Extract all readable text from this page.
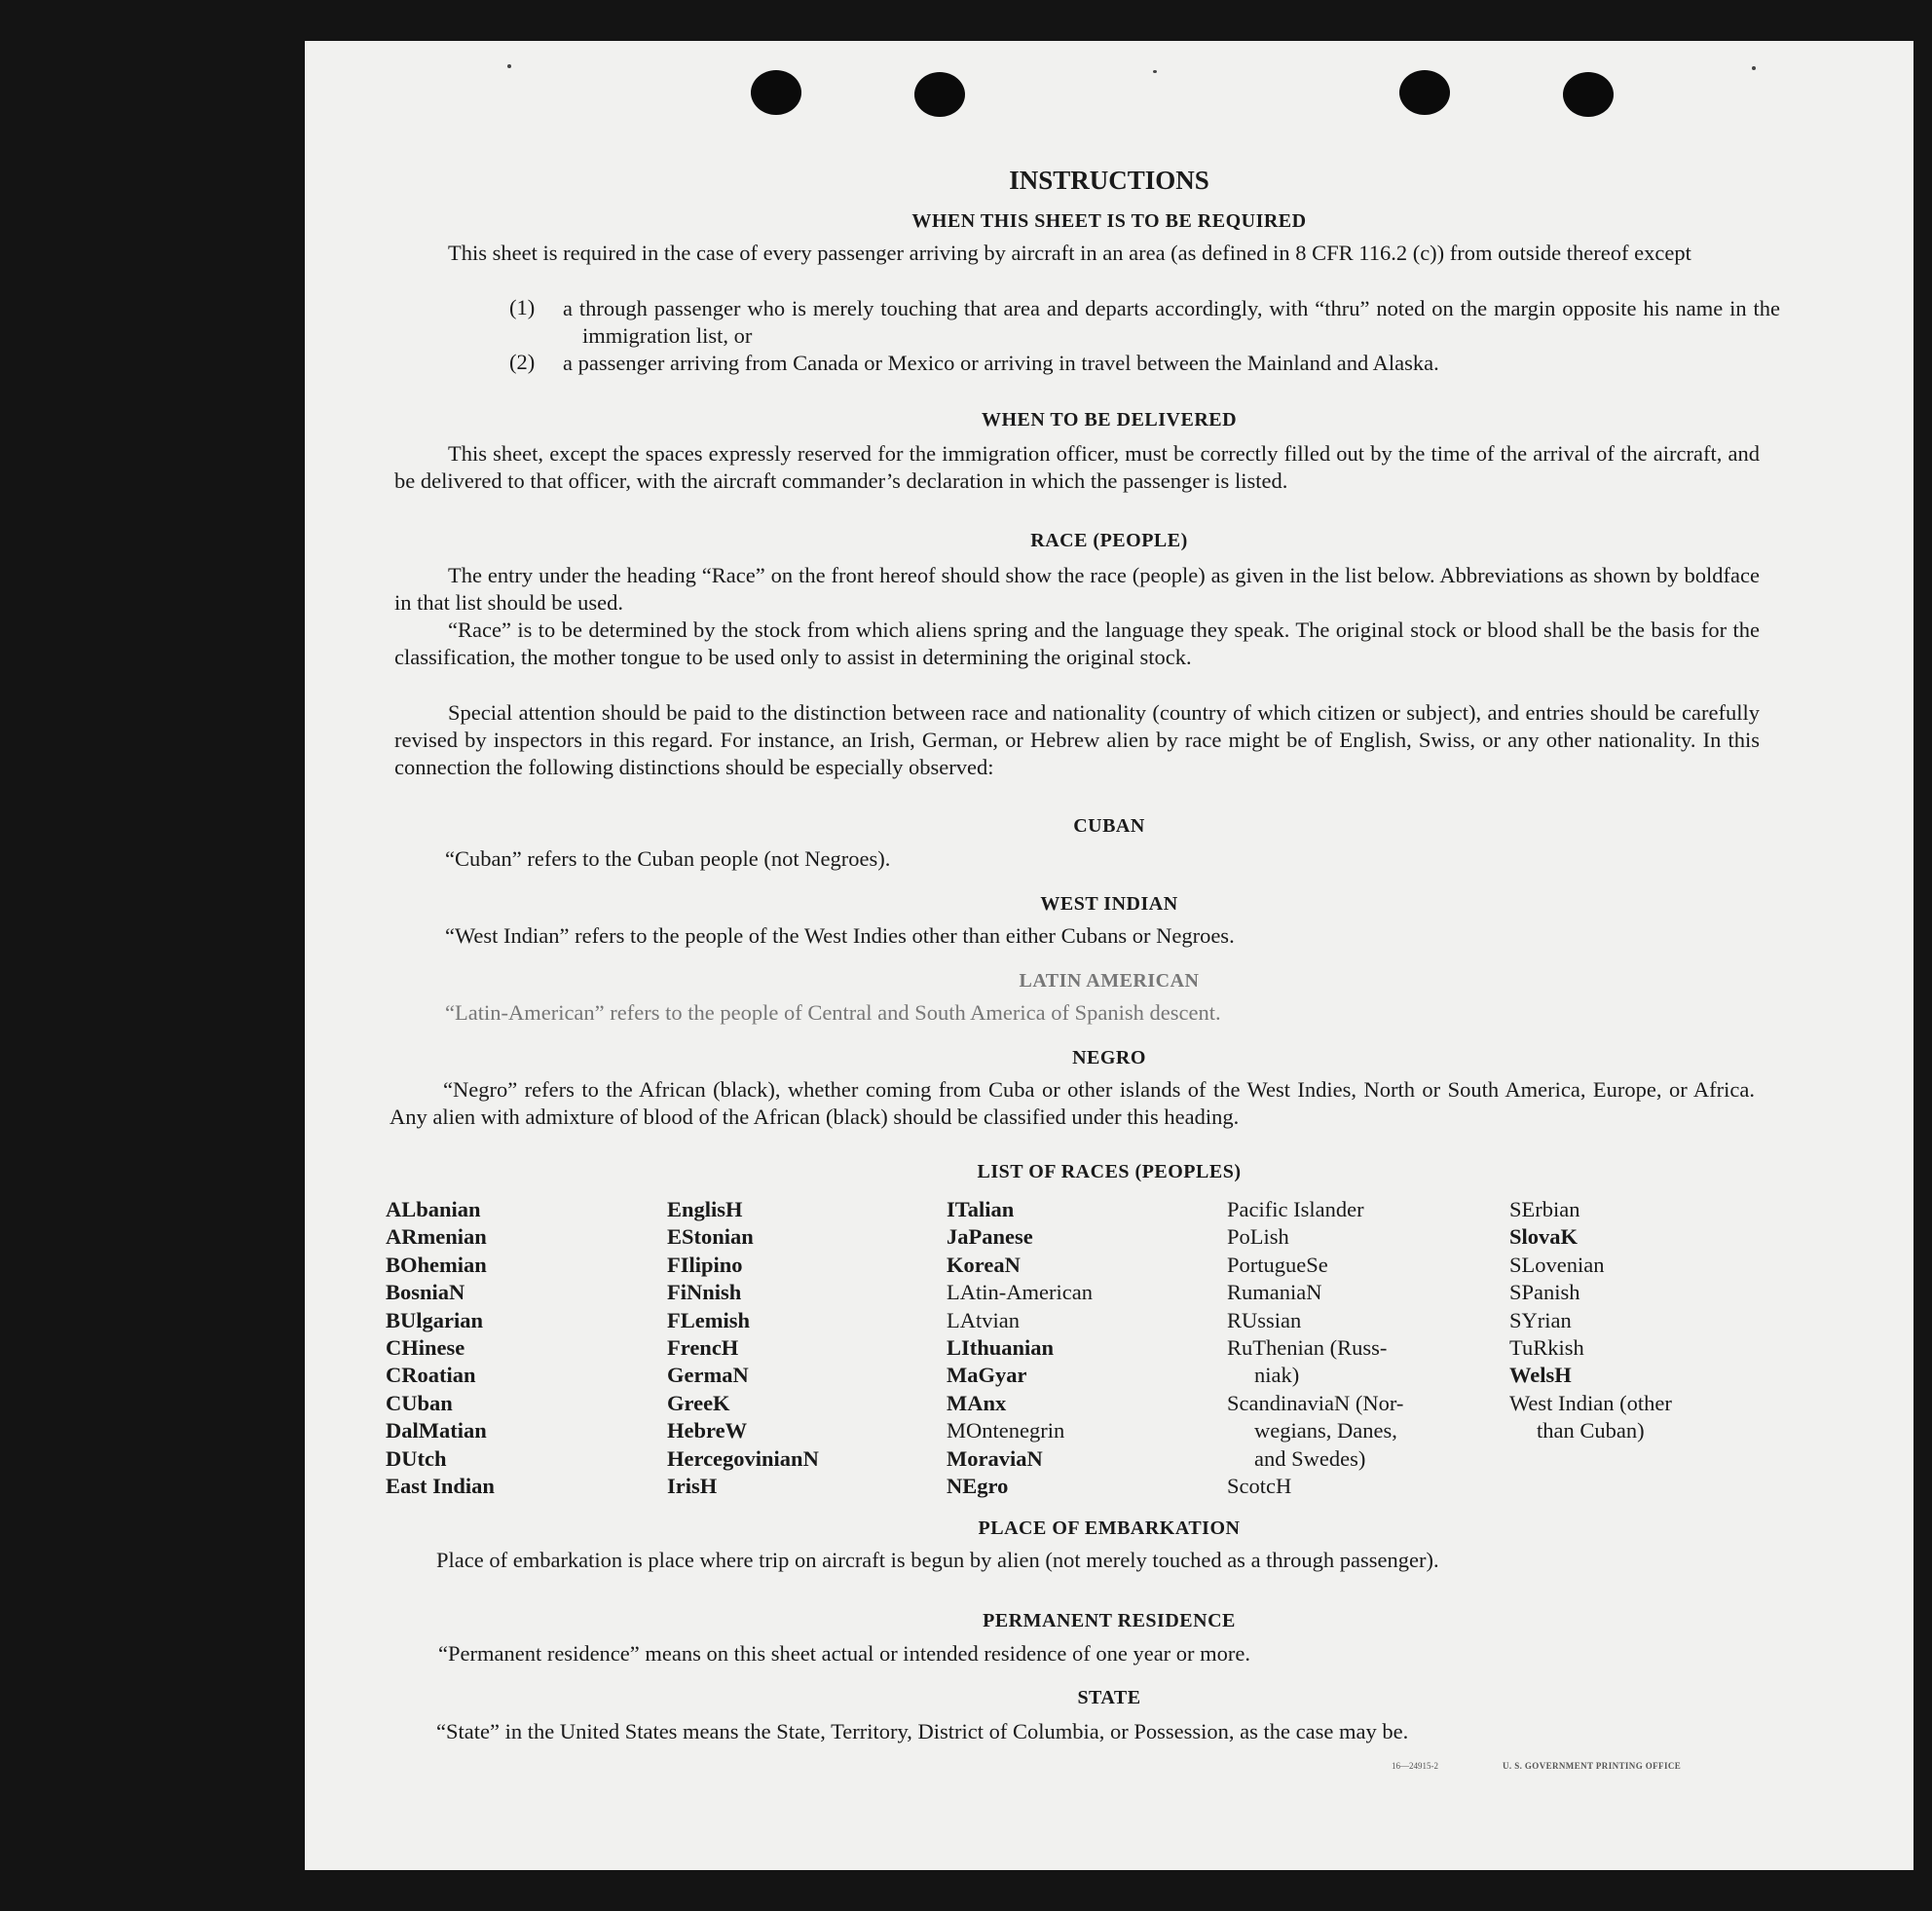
INSTRUCTIONS
WHEN THIS SHEET IS TO BE REQUIRED
This sheet is required in the case of every passenger arriving by aircraft in an area (as defined in 8 CFR 116.2 (c)) from outside thereof except
(1) a through passenger who is merely touching that area and departs accordingly, with “thru” noted on the margin opposite his name in the immigration list, or
(2) a passenger arriving from Canada or Mexico or arriving in travel between the Mainland and Alaska.
WHEN TO BE DELIVERED
This sheet, except the spaces expressly reserved for the immigration officer, must be correctly filled out by the time of the arrival of the aircraft, and be delivered to that officer, with the aircraft commander’s declaration in which the passenger is listed.
RACE (PEOPLE)
The entry under the heading “Race” on the front hereof should show the race (people) as given in the list below. Abbreviations as shown by boldface in that list should be used.
“Race” is to be determined by the stock from which aliens spring and the language they speak. The original stock or blood shall be the basis for the classification, the mother tongue to be used only to assist in determining the original stock.
Special attention should be paid to the distinction between race and nationality (country of which citizen or subject), and entries should be carefully revised by inspectors in this regard. For instance, an Irish, German, or Hebrew alien by race might be of English, Swiss, or any other nationality. In this connection the following distinctions should be especially observed:
CUBAN
“Cuban” refers to the Cuban people (not Negroes).
WEST INDIAN
“West Indian” refers to the people of the West Indies other than either Cubans or Negroes.
LATIN AMERICAN
“Latin-American” refers to the people of Central and South America of Spanish descent.
NEGRO
“Negro” refers to the African (black), whether coming from Cuba or other islands of the West Indies, North or South America, Europe, or Africa. Any alien with admixture of blood of the African (black) should be classified under this heading.
LIST OF RACES (PEOPLES)
ALbanian
ARmenian
BOhemian
BosniaN
BUlgarian
CHinese
CRoatian
CUban
DalMatian
DUtch
East Indian
EnglisH
EStonian
FIlipino
FiNnish
FLemish
FrencH
GermaN
GreeK
HebreW
HercegovinianN
IrisH
ITalian
JaPanese
KoreaN
LAtin-American
LAtvian
LIthuanian
MaGyar
MAnx
MOntenegrin
MoraviaN
NEgro
Pacific Islander
PoLish
PortugueSe
RumaniaN
RUssian
RuThenian (Russ-
niak)
ScandinaviaN (Nor-
wegians, Danes,
and Swedes)
ScotcH
SErbian
SlovaK
SLovenian
SPanish
SYrian
TuRkish
WelsH
West Indian (other
than Cuban)
PLACE OF EMBARKATION
Place of embarkation is place where trip on aircraft is begun by alien (not merely touched as a through passenger).
PERMANENT RESIDENCE
“Permanent residence” means on this sheet actual or intended residence of one year or more.
STATE
“State” in the United States means the State, Territory, District of Columbia, or Possession, as the case may be.
16—24915-2	U. S. GOVERNMENT PRINTING OFFICE
